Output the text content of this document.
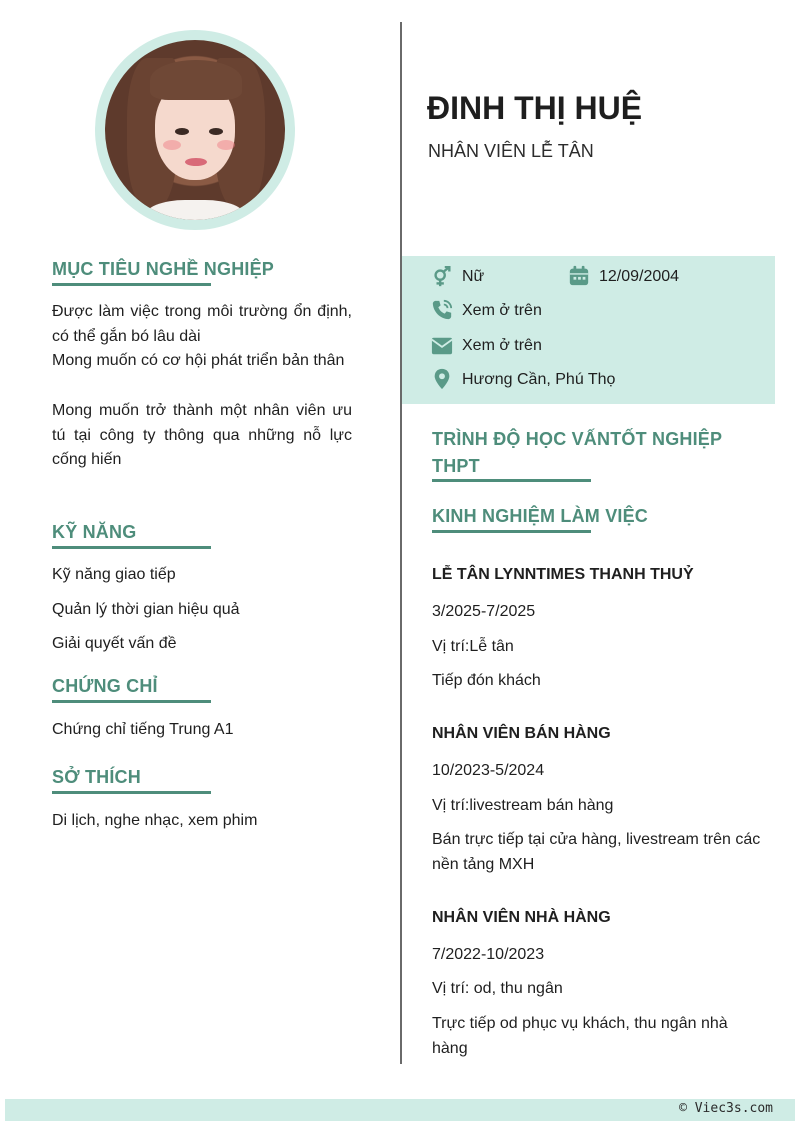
ĐINH THỊ HUỆ
NHÂN VIÊN LỄ TÂN
Nữ	12/09/2004
Xem ở trên
Xem ở trên
Hương Cần, Phú Thọ
MỤC TIÊU NGHỀ NGHIỆP
Được làm việc trong môi trường ổn định, có thể gắn bó lâu dài
Mong muốn có cơ hội phát triển bản thân
Mong muốn trở thành một nhân viên ưu tú tại công ty thông qua những nỗ lực cống hiến
KỸ NĂNG
Kỹ năng giao tiếp
Quản lý thời gian hiệu quả
Giải quyết vấn đề
CHỨNG CHỈ
Chứng chỉ tiếng Trung A1
SỞ THÍCH
Di lịch, nghe nhạc, xem phim
TRÌNH ĐỘ HỌC VẤNTỐT NGHIỆP THPT
KINH NGHIỆM LÀM VIỆC
LỄ TÂN LYNNTIMES THANH THUỶ
3/2025-7/2025
Vị trí:Lễ tân
Tiếp đón khách
NHÂN VIÊN BÁN HÀNG
10/2023-5/2024
Vị trí:livestream bán hàng
Bán trực tiếp tại cửa hàng, livestream trên các nền tảng MXH
NHÂN VIÊN NHÀ HÀNG
7/2022-10/2023
Vị trí: od, thu ngân
Trực tiếp od phục vụ khách, thu ngân nhà hàng
© Viec3s.com
